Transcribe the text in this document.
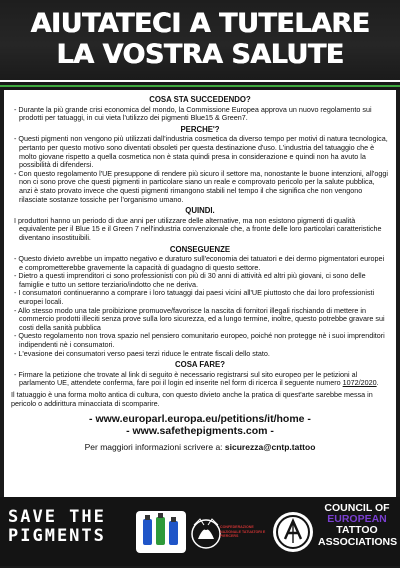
AIUTATECI A TUTELARE
LA VOSTRA SALUTE
COSA STA SUCCEDENDO?
- Durante la più grande crisi economica del mondo, la Commissione Europea approva un nuovo regolamento sui prodotti per tatuaggi, in cui vieta l'utilizzo dei pigmenti Blue15 & Green7.
PERCHE'?
- Questi pigmenti non vengono più utilizzati dall'industria cosmetica da diverso tempo per motivi di natura tecnologica, pertanto per questo motivo sono diventati obsoleti per questa destinazione d'uso. L'industria del tatuaggio che è molto giovane rispetto a quella cosmetica non è stata quindi presa in considerazione e quindi non ha avuto la possibilità di difendersi.
- Con questo regolamento l'UE presuppone di rendere più sicuro il settore ma, nonostante le buone intenzioni, all'oggi non ci sono prove che questi pigmenti in particolare siano un reale e comprovato pericolo per la salute pubblica, anzi è stato provato invece che questi pigmenti rimangono stabili nel tempo il che significa che non vengono rilasciate sostanze tossiche per l'organismo umano.
QUINDI.
I produttori hanno un periodo di due anni per utilizzare delle alternative, ma non esistono pigmenti di qualità equivalente per il Blue 15 e il Green 7 nell'industria convenzionale che, a fronte delle loro particolari caratteristiche diventano insostituibili.
CONSEGUENZE
- Questo divieto avrebbe un impatto negativo e duraturo sull'economia dei tatuatori e dei dermo pigmentatori europei e comprometterebbe gravemente la capacità di guadagno di questo settore.
- Dietro a questi imprenditori ci sono professionisti con più di 30 anni di attività ed altri più giovani, ci sono delle famiglie e tutto un settore terziario/indotto che ne deriva.
- I consumatori continueranno a comprare i loro tatuaggi dai paesi vicini all'UE piuttosto che dai loro professionisti europei locali.
- Allo stesso modo una tale proibizione promuove/favorisce la nascita di fornitori illegali rischiando di mettere in commercio prodotti illeciti senza prove sulla loro sicurezza, ed a lungo termine, inoltre, questo potrebbe gravare sui costi della sanità pubblica
- Questo regolamento non trova spazio nel pensiero comunitario europeo, poiché non protegge nè i suoi imprenditori indipendenti nè i consumatori.
- L'evasione dei consumatori verso paesi terzi riduce le entrate fiscali dello stato.
COSA FARE?
- Firmare la petizione che trovate al link di seguito è necessario registrarsi sul sito europeo per le petizioni al parlamento UE, attendete conferma, fare poi il login ed inserite nel form di ricerca il seguente numero 1072/2020.
Il tatuaggio è una forma molto antica di cultura, con questo divieto anche la pratica di quest'arte sarebbe messa in pericolo o addirittura minacciata di scomparire.
- www.europarl.europa.eu/petitions/it/home -
- www.safethepigments.com -
Per maggiori informazioni scrivere a: sicurezza@cntp.tattoo
SAVE THE
PIGMENTS	CONFEDERAZIONE NAZIONALE TATUATORI E PIERCERS
COUNCIL OF
EUROPEAN
TATTOO
ASSOCIATIONS
